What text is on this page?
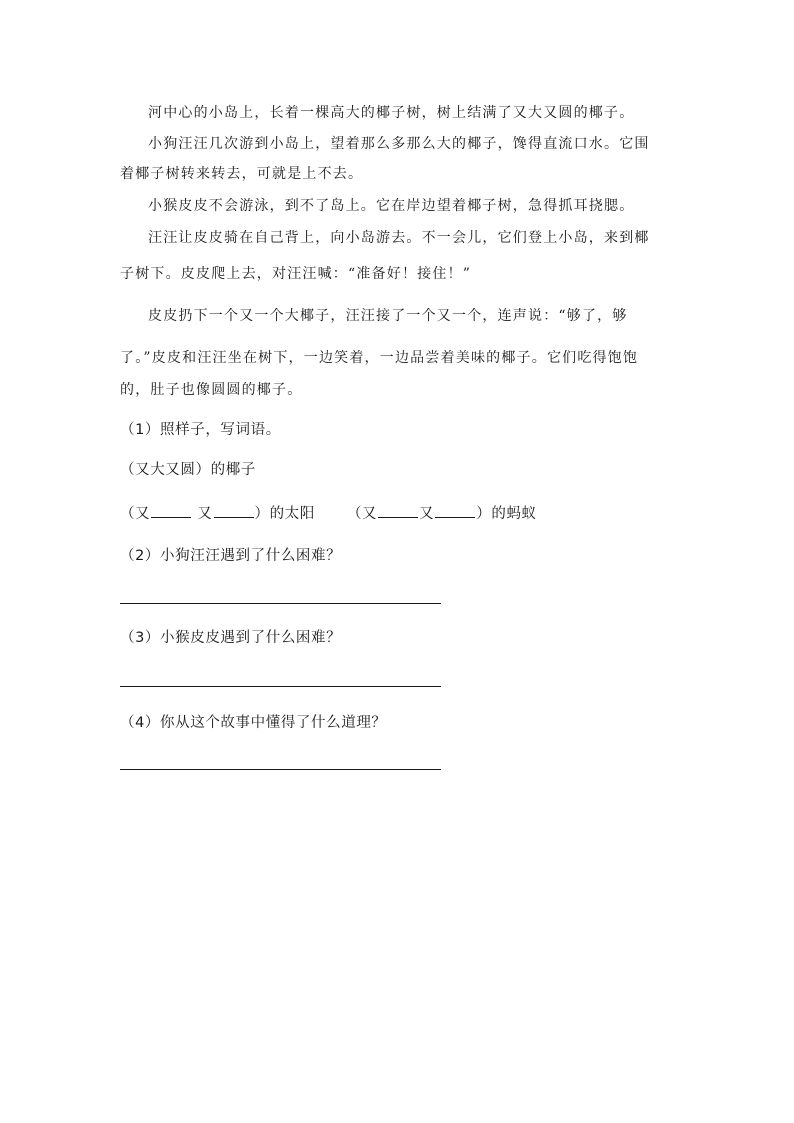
河中心的小岛上，长着一棵高大的椰子树，树上结满了又大又圆的椰子。
小狗汪汪几次游到小岛上，望着那么多那么大的椰子，馋得直流口水。它围
着椰子树转来转去，可就是上不去。
小猴皮皮不会游泳，到不了岛上。它在岸边望着椰子树，急得抓耳挠腮。
汪汪让皮皮骑在自己背上，向小岛游去。不一会儿，它们登上小岛，来到椰
子树下。皮皮爬上去，对汪汪喊：“准备好！接住！”
皮皮扔下一个又一个大椰子，汪汪接了一个又一个，连声说：“够了，够
了。”皮皮和汪汪坐在树下，一边笑着，一边品尝着美味的椰子。它们吃得饱饱
的，肚子也像圆圆的椰子。
（1）照样子，写词语。
（又大又圆）的椰子
（又	又	）的太阳 （又	又	）的蚂蚁
（2）小狗汪汪遇到了什么困难？
（3）小猴皮皮遇到了什么困难？
（4）你从这个故事中懂得了什么道理？
